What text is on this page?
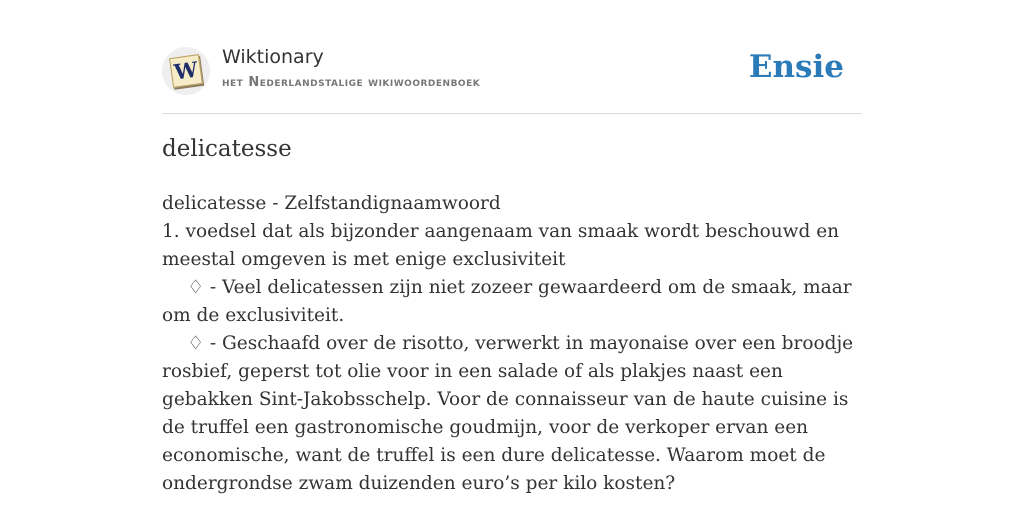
W Wiktionary
het Nederlandstalige wikiwoordenboek	Ensie
delicatesse

delicatesse - Zelfstandignaamwoord

1. voedsel dat als bijzonder aangenaam van smaak wordt beschouwd en meestal omgeven is met enige exclusiviteit

♢ - Veel delicatessen zijn niet zozeer gewaardeerd om de smaak, maar om de exclusiviteit.

♢ - Geschaafd over de risotto, verwerkt in mayonaise over een broodje rosbief, geperst tot olie voor in een salade of als plakjes naast een gebakken Sint-Jakobsschelp. Voor de connaisseur van de haute cuisine is de truffel een gastronomische goudmijn, voor de verkoper ervan een economische, want de truffel is een dure delicatesse. Waarom moet de ondergrondse zwam duizenden euro’s per kilo kosten?
